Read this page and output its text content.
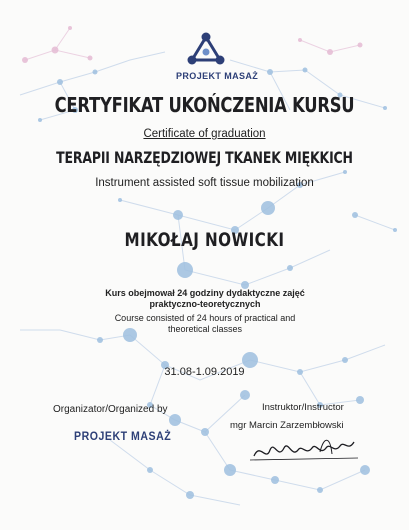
PROJEKT MASAŻ
CERTYFIKAT UKOŃCZENIA KURSU
Certificate of graduation
TERAPII NARZĘDZIOWEJ TKANEK MIĘKKICH
Instrument assisted soft tissue mobilization
MIKOŁAJ NOWICKI
Kurs obejmował 24 godziny dydaktyczne zajęć praktyczno-teoretycznych
Course consisted of 24 hours of practical and theoretical classes
31.08-1.09.2019
Organizator/Organized by
PROJEKT MASAŻ
Instruktor/Instructor
mgr Marcin Zarzembłowski
